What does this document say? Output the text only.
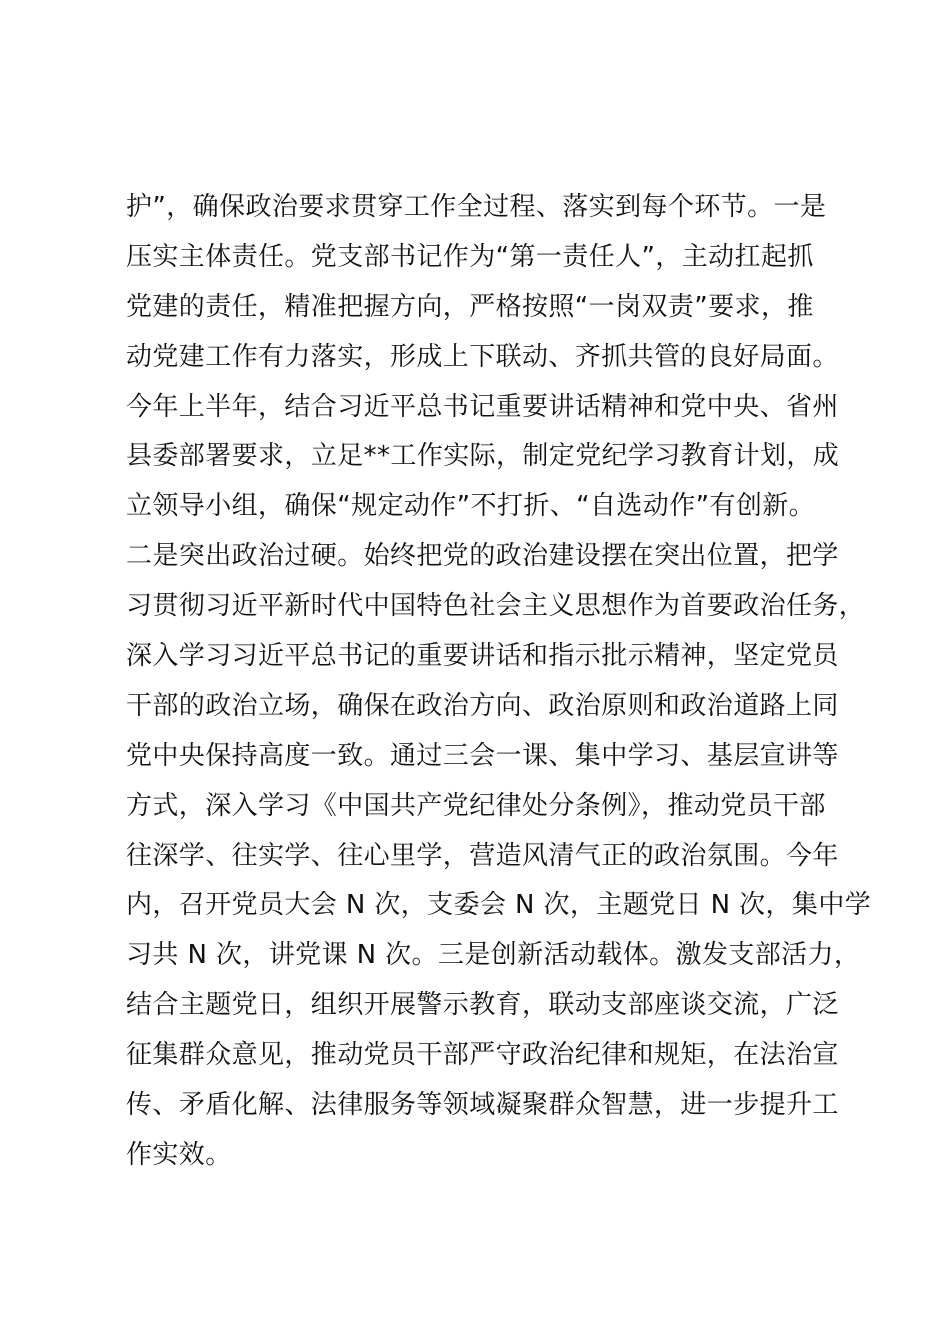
护”，确保政治要求贯穿工作全过程、落实到每个环节。一是
压实主体责任。党支部书记作为“第一责任人”，主动扛起抓
党建的责任，精准把握方向，严格按照“一岗双责”要求，推
动党建工作有力落实，形成上下联动、齐抓共管的良好局面。
今年上半年，结合习近平总书记重要讲话精神和党中央、省州
县委部署要求，立足**工作实际，制定党纪学习教育计划，成
立领导小组，确保“规定动作”不打折、“自选动作”有创新。
二是突出政治过硬。始终把党的政治建设摆在突出位置，把学
习贯彻习近平新时代中国特色社会主义思想作为首要政治任务，
深入学习习近平总书记的重要讲话和指示批示精神，坚定党员
干部的政治立场，确保在政治方向、政治原则和政治道路上同
党中央保持高度一致。通过三会一课、集中学习、基层宣讲等
方式，深入学习《中国共产党纪律处分条例》，推动党员干部
往深学、往实学、往心里学，营造风清气正的政治氛围。今年
内，召开党员大会 N 次，支委会 N 次，主题党日 N 次，集中学
习共 N 次，讲党课 N 次。三是创新活动载体。激发支部活力，
结合主题党日，组织开展警示教育，联动支部座谈交流，广泛
征集群众意见，推动党员干部严守政治纪律和规矩，在法治宣
传、矛盾化解、法律服务等领域凝聚群众智慧，进一步提升工
作实效。
